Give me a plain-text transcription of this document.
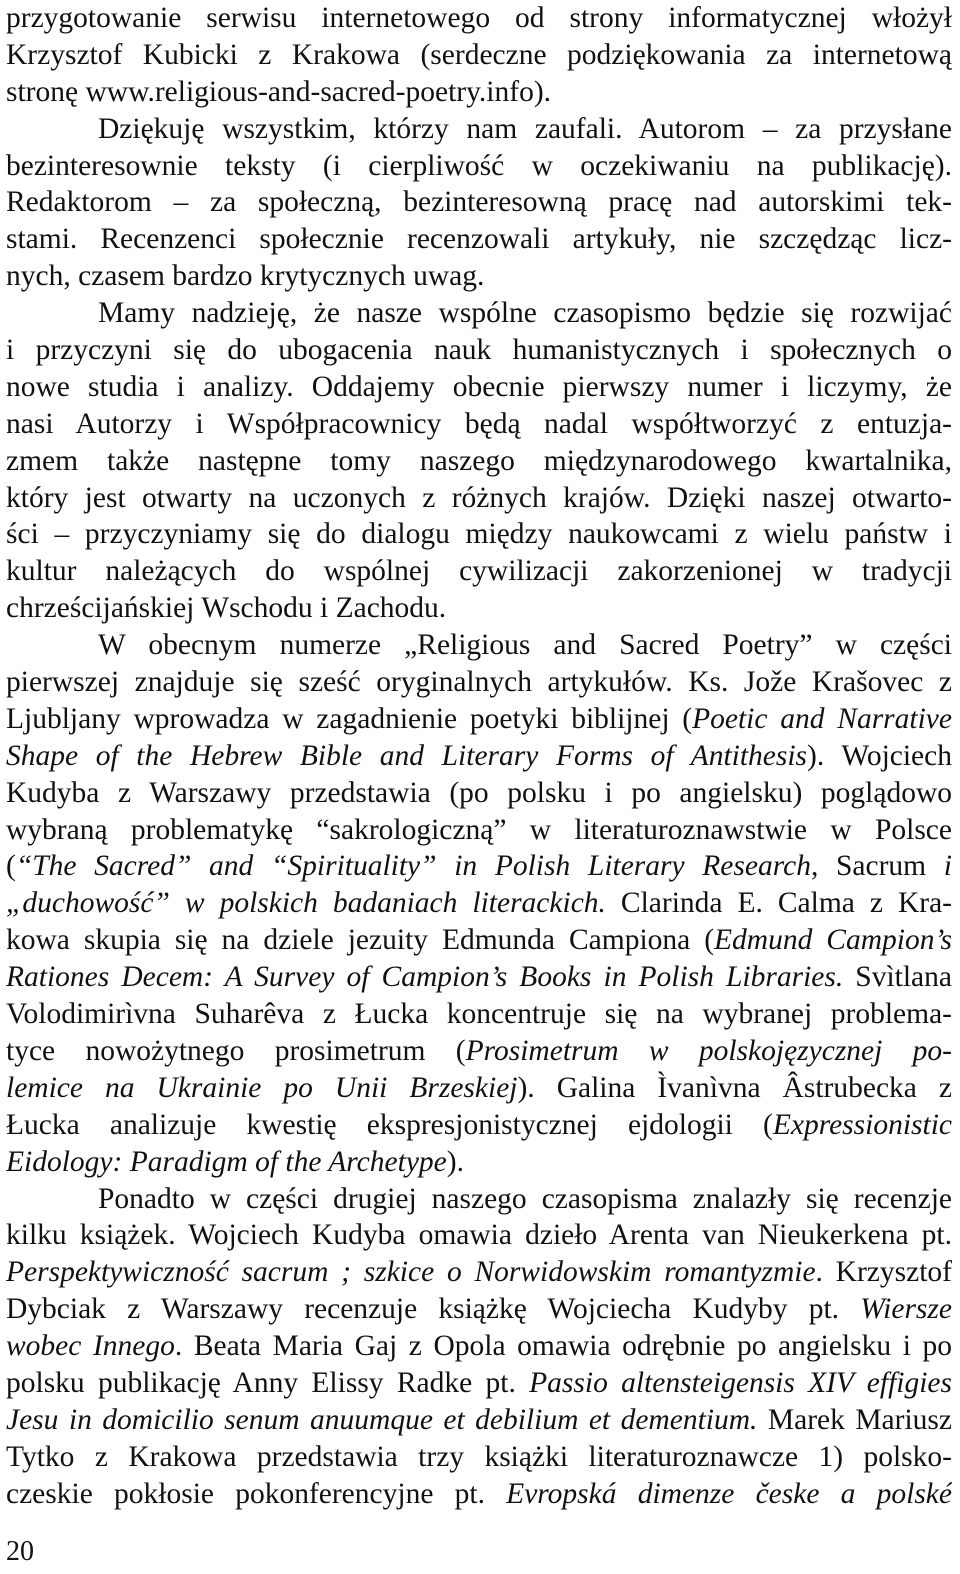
przygotowanie serwisu internetowego od strony informatycznej włożył
Krzysztof Kubicki z Krakowa (serdeczne podziękowania za internetową
stronę www.religious-and-sacred-poetry.info).
Dziękuję wszystkim, którzy nam zaufali. Autorom – za przysłane
bezinteresownie teksty (i cierpliwość w oczekiwaniu na publikację).
Redaktorom – za społeczną, bezinteresowną pracę nad autorskimi tek-
stami. Recenzenci społecznie recenzowali artykuły, nie szczędząc licz-
nych, czasem bardzo krytycznych uwag.
Mamy nadzieję, że nasze wspólne czasopismo będzie się rozwijać
i przyczyni się do ubogacenia nauk humanistycznych i społecznych o
nowe studia i analizy. Oddajemy obecnie pierwszy numer i liczymy, że
nasi Autorzy i Współpracownicy będą nadal współtworzyć z entuzja-
zmem także następne tomy naszego międzynarodowego kwartalnika,
który jest otwarty na uczonych z różnych krajów. Dzięki naszej otwarto-
ści – przyczyniamy się do dialogu między naukowcami z wielu państw i
kultur należących do wspólnej cywilizacji zakorzenionej w tradycji
chrześcijańskiej Wschodu i Zachodu.
W obecnym numerze „Religious and Sacred Poetry” w części
pierwszej znajduje się sześć oryginalnych artykułów. Ks. Jože Krašovec z
Ljubljany wprowadza w zagadnienie poetyki biblijnej (Poetic and Narrative
Shape of the Hebrew Bible and Literary Forms of Antithesis). Wojciech
Kudyba z Warszawy przedstawia (po polsku i po angielsku) poglądowo
wybraną problematykę “sakrologiczną” w literaturoznawstwie w Polsce
(“The Sacred” and “Spirituality” in Polish Literary Research, Sacrum i
„duchowość” w polskich badaniach literackich. Clarinda E. Calma z Kra-
kowa skupia się na dziele jezuity Edmunda Campiona (Edmund Campion’s
Rationes Decem: A Survey of Campion’s Books in Polish Libraries. Svìtlana
Volodimirìvna Suharêva z Łucka koncentruje się na wybranej problema-
tyce nowożytnego prosimetrum (Prosimetrum w polskojęzycznej po-
lemice na Ukrainie po Unii Brzeskiej). Galina Ìvanìvna Âstrubecka z
Łucka analizuje kwestię ekspresjonistycznej ejdologii (Expressionistic
Eidology: Paradigm of the Archetype).
Ponadto w części drugiej naszego czasopisma znalazły się recenzje
kilku książek. Wojciech Kudyba omawia dzieło Arenta van Nieukerkena pt.
Perspektywiczność sacrum ; szkice o Norwidowskim romantyzmie. Krzysztof
Dybciak z Warszawy recenzuje książkę Wojciecha Kudyby pt. Wiersze
wobec Innego. Beata Maria Gaj z Opola omawia odrębnie po angielsku i po
polsku publikację Anny Elissy Radke pt. Passio altensteigensis XIV effigies
Jesu in domicilio senum anuumque et debilium et dementium. Marek Mariusz
Tytko z Krakowa przedstawia trzy książki literaturoznawcze 1) polsko-
czeskie pokłosie pokonferencyjne pt. Evropská dimenze česke a polské
20
